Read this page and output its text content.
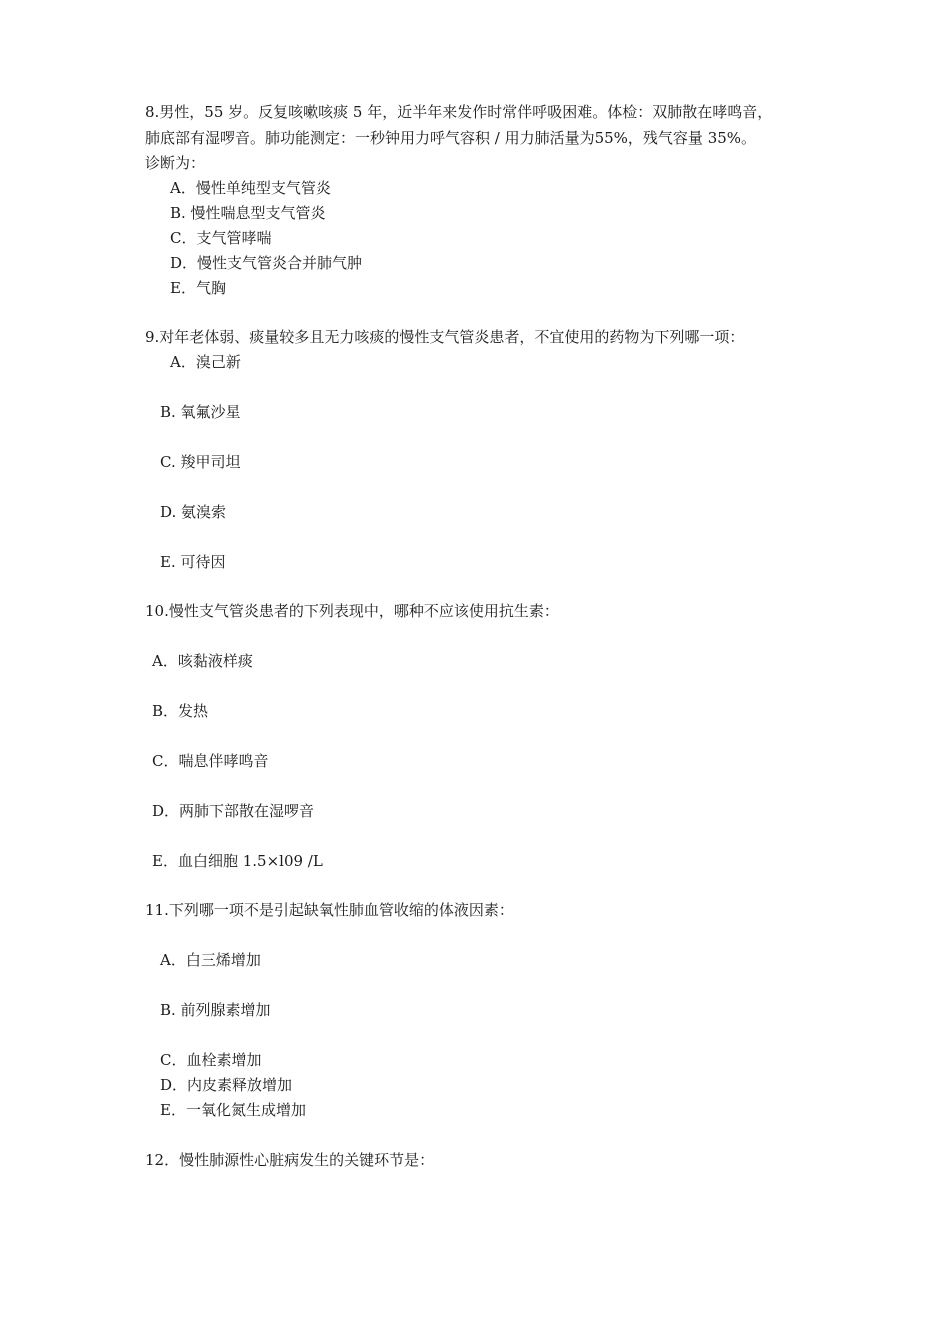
8.男性，55 岁。反复咳嗽咳痰 5 年，近半年来发作时常伴呼吸困难。体检：双肺散在哮鸣音，
肺底部有湿啰音。肺功能测定：一秒钟用力呼气容积 / 用力肺活量为55%，残气容量 35%。
诊断为：
A．慢性单纯型支气管炎
B. 慢性喘息型支气管炎
C．支气管哮喘
D．慢性支气管炎合并肺气肿
E．气胸
9.对年老体弱、痰量较多且无力咳痰的慢性支气管炎患者，不宜使用的药物为下列哪一项：
A．溴己新
B. 氧氟沙星
C. 羧甲司坦
D. 氨溴索
E. 可待因
10.慢性支气管炎患者的下列表现中，哪种不应该使用抗生素：
A．咳黏液样痰
B．发热
C．喘息伴哮鸣音
D．两肺下部散在湿啰音
E．血白细胞 1.5×l09 /L
11.下列哪一项不是引起缺氧性肺血管收缩的体液因素：
A．白三烯增加
B. 前列腺素增加
C．血栓素增加
D．内皮素释放增加
E．一氧化氮生成增加
12．慢性肺源性心脏病发生的关键环节是：
